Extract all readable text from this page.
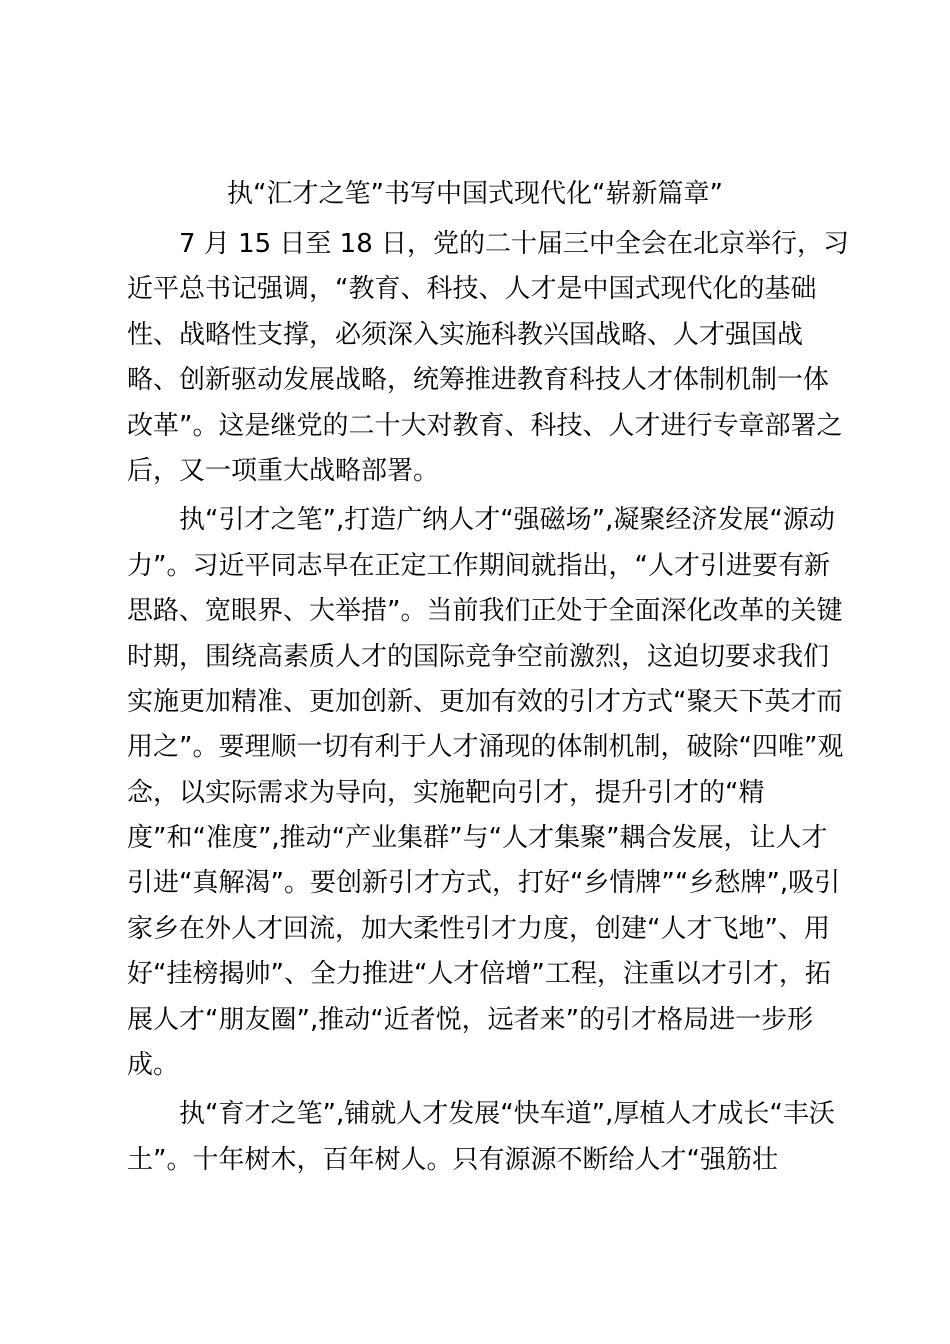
执“汇才之笔”书写中国式现代化“崭新篇章”
7 月 15 日至 18 日，党的二十届三中全会在北京举行，习
近平总书记强调，“教育、科技、人才是中国式现代化的基础
性、战略性支撑，必须深入实施科教兴国战略、人才强国战
略、创新驱动发展战略，统筹推进教育科技人才体制机制一体
改革”。这是继党的二十大对教育、科技、人才进行专章部署之
后，又一项重大战略部署。
执“引才之笔”,打造广纳人才“强磁场”,凝聚经济发展“源动
力”。习近平同志早在正定工作期间就指出，“人才引进要有新
思路、宽眼界、大举措”。当前我们正处于全面深化改革的关键
时期，围绕高素质人才的国际竞争空前激烈，这迫切要求我们
实施更加精准、更加创新、更加有效的引才方式“聚天下英才而
用之”。要理顺一切有利于人才涌现的体制机制，破除“四唯”观
念，以实际需求为导向，实施靶向引才，提升引才的“精
度”和“准度”,推动“产业集群”与“人才集聚”耦合发展，让人才
引进“真解渴”。要创新引才方式，打好“乡情牌”“乡愁牌”,吸引
家乡在外人才回流，加大柔性引才力度，创建“人才飞地”、用
好“挂榜揭帅”、全力推进“人才倍增”工程，注重以才引才，拓
展人才“朋友圈”,推动“近者悦，远者来”的引才格局进一步形
成。
执“育才之笔”,铺就人才发展“快车道”,厚植人才成长“丰沃
土”。十年树木，百年树人。只有源源不断给人才“强筋壮
